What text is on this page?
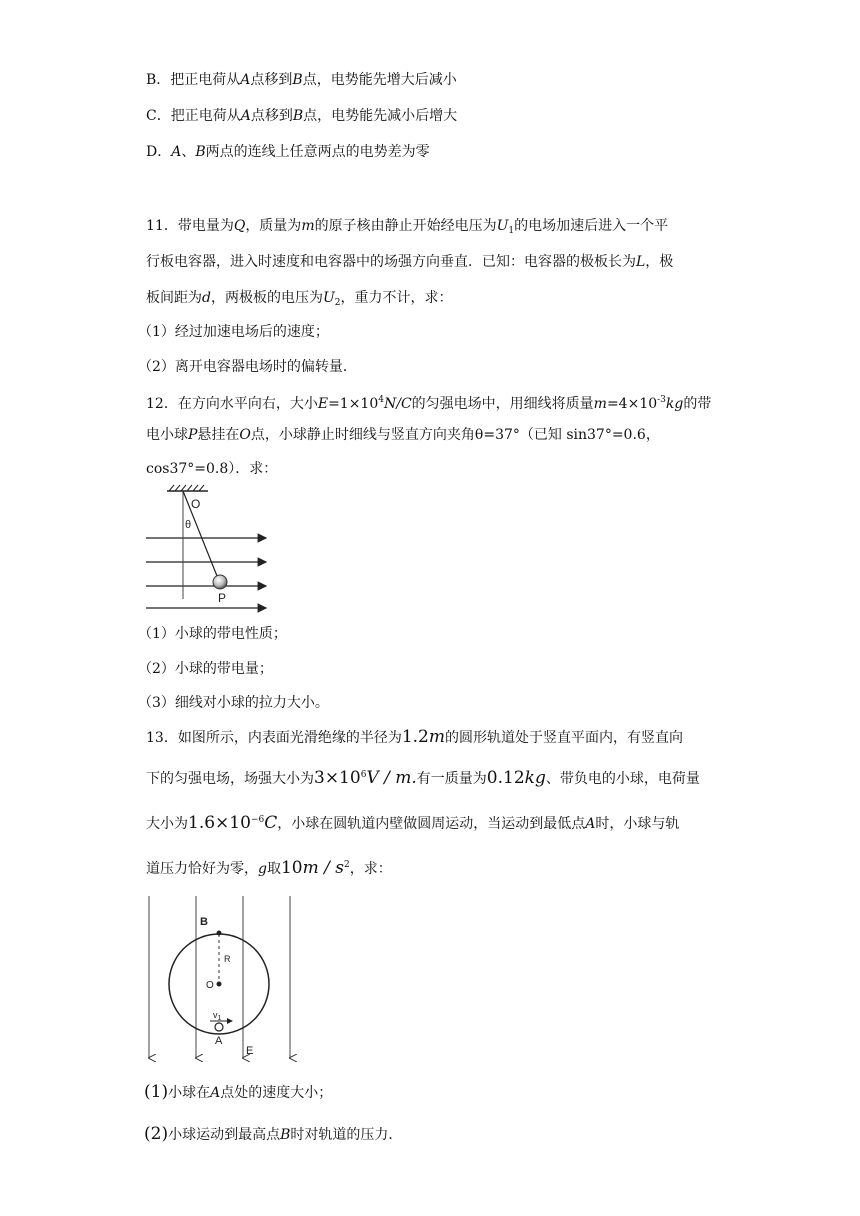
B．把正电荷从A点移到B点，电势能先增大后减小
C．把正电荷从A点移到B点，电势能先减小后增大
D．A、B两点的连线上任意两点的电势差为零
11．带电量为Q，质量为m的原子核由静止开始经电压为$U_1$的电场加速后进入一个平
行板电容器，进入时速度和电容器中的场强方向垂直．已知：电容器的极板长为L，极
板间距为d，两极板的电压为$U_2$，重力不计，求：
（1）经过加速电场后的速度；
（2）离开电容器电场时的偏转量．
12．在方向水平向右，大小$E=1\times 10^4N/C$的匀强电场中，用细线将质量$m=4\times 10^{-3}kg$的带
电小球P悬挂在O点，小球静止时细线与竖直方向夹角θ=37°（已知 sin37°=0.6，
cos37°=0.8）．求：
O
θ
P
（1）小球的带电性质；
（2）小球的带电量；
（3）细线对小球的拉力大小。
13．如图所示，内表面光滑绝缘的半径为1.2m的圆形轨道处于竖直平面内，有竖直向
下的匀强电场，场强大小为$3\times 10^6V / m$.有一质量为0.12kg、带负电的小球，电荷量
大小为$1.6\times 10^{-6}C$，小球在圆轨道内壁做圆周运动，当运动到最低点A时，小球与轨
道压力恰好为零，g取$10m / s^2$，求：
B
R
O
$v_1$
A
E
(1)小球在A点处的速度大小；
(2)小球运动到最高点B时对轨道的压力．
